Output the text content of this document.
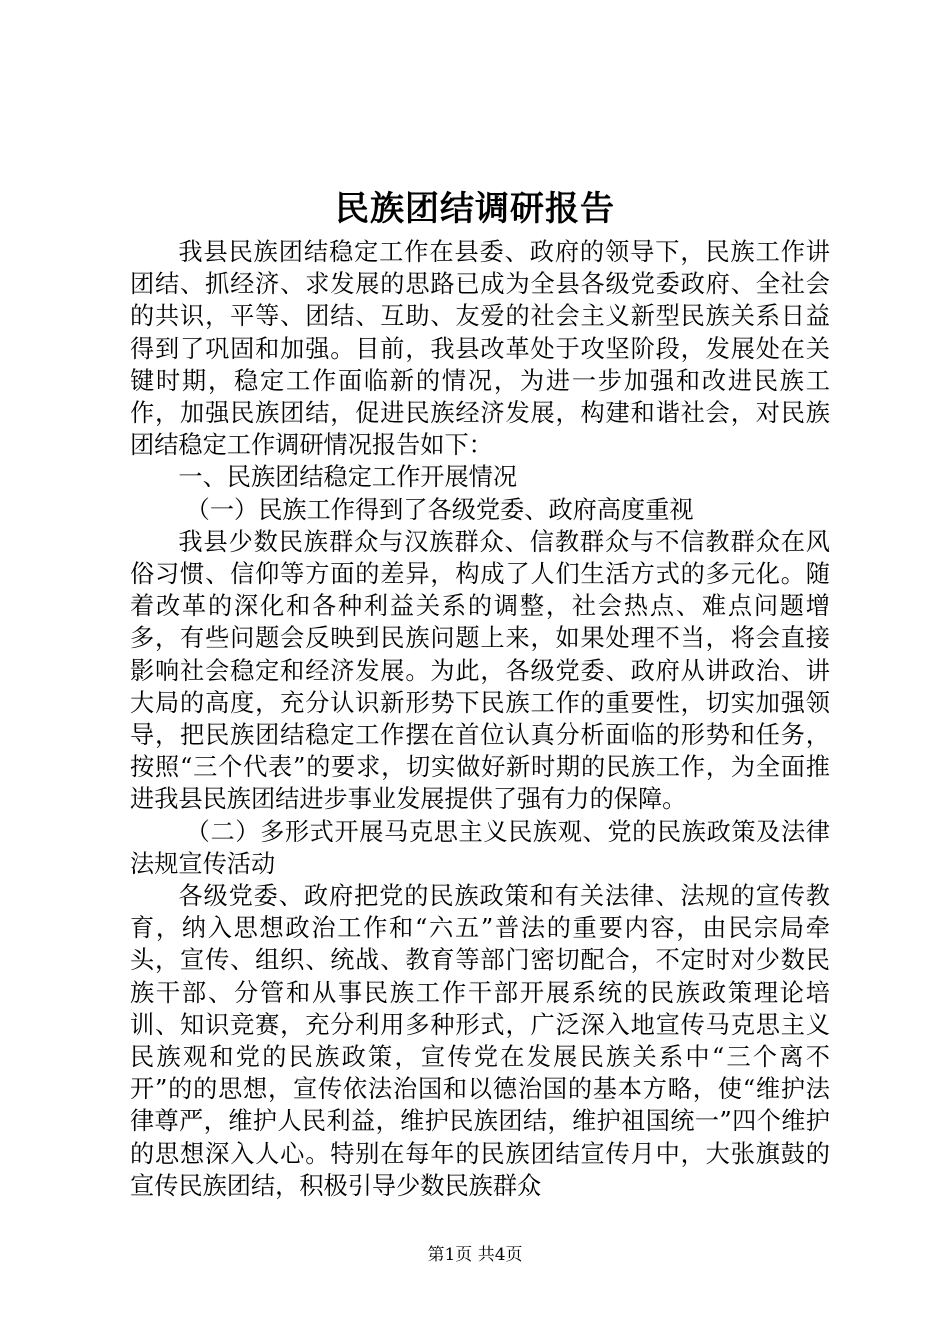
民族团结调研报告

我县民族团结稳定工作在县委、政府的领导下，民族工作讲团结、抓经济、求发展的思路已成为全县各级党委政府、全社会的共识，平等、团结、互助、友爱的社会主义新型民族关系日益得到了巩固和加强。目前，我县改革处于攻坚阶段，发展处在关键时期，稳定工作面临新的情况，为进一步加强和改进民族工作，加强民族团结，促进民族经济发展，构建和谐社会，对民族团结稳定工作调研情况报告如下：

一、民族团结稳定工作开展情况

（一）民族工作得到了各级党委、政府高度重视

我县少数民族群众与汉族群众、信教群众与不信教群众在风俗习惯、信仰等方面的差异，构成了人们生活方式的多元化。随着改革的深化和各种利益关系的调整，社会热点、难点问题增多，有些问题会反映到民族问题上来，如果处理不当，将会直接影响社会稳定和经济发展。为此，各级党委、政府从讲政治、讲大局的高度，充分认识新形势下民族工作的重要性，切实加强领导，把民族团结稳定工作摆在首位认真分析面临的形势和任务，按照“三个代表”的要求，切实做好新时期的民族工作，为全面推进我县民族团结进步事业发展提供了强有力的保障。

（二）多形式开展马克思主义民族观、党的民族政策及法律法规宣传活动

各级党委、政府把党的民族政策和有关法律、法规的宣传教育，纳入思想政治工作和“六五”普法的重要内容，由民宗局牵头，宣传、组织、统战、教育等部门密切配合，不定时对少数民族干部、分管和从事民族工作干部开展系统的民族政策理论培训、知识竞赛，充分利用多种形式，广泛深入地宣传马克思主义民族观和党的民族政策，宣传党在发展民族关系中“三个离不开”的的思想，宣传依法治国和以德治国的基本方略，使“维护法律尊严，维护人民利益，维护民族团结，维护祖国统一”四个维护的思想深入人心。特别在每年的民族团结宣传月中，大张旗鼓的宣传民族团结，积极引导少数民族群众

第1页 共4页
